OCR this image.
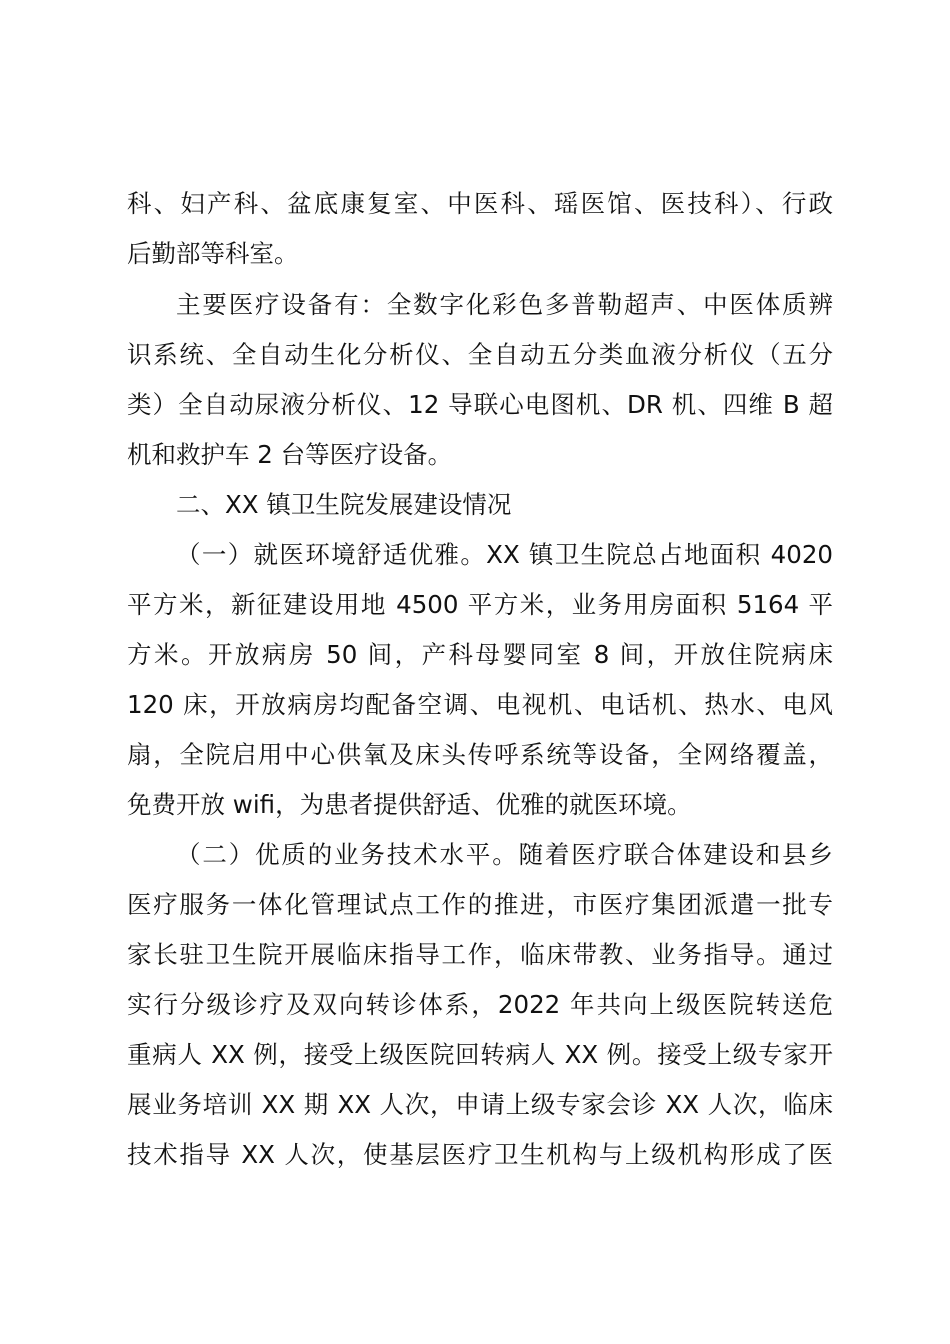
科、妇产科、盆底康复室、中医科、瑶医馆、医技科）、行政
后勤部等科室。
主要医疗设备有：全数字化彩色多普勒超声、中医体质辨
识系统、全自动生化分析仪、全自动五分类血液分析仪（五分
类）全自动尿液分析仪、12 导联心电图机、DR 机、四维 B 超
机和救护车 2 台等医疗设备。
二、XX 镇卫生院发展建设情况
（一）就医环境舒适优雅。XX 镇卫生院总占地面积 4020
平方米，新征建设用地 4500 平方米，业务用房面积 5164 平
方米。开放病房 50 间，产科母婴同室 8 间，开放住院病床
120 床，开放病房均配备空调、电视机、电话机、热水、电风
扇，全院启用中心供氧及床头传呼系统等设备，全网络覆盖，
免费开放 wifi，为患者提供舒适、优雅的就医环境。
（二）优质的业务技术水平。随着医疗联合体建设和县乡
医疗服务一体化管理试点工作的推进，市医疗集团派遣一批专
家长驻卫生院开展临床指导工作，临床带教、业务指导。通过
实行分级诊疗及双向转诊体系，2022 年共向上级医院转送危
重病人 XX 例，接受上级医院回转病人 XX 例。接受上级专家开
展业务培训 XX 期 XX 人次，申请上级专家会诊 XX 人次，临床
技术指导 XX 人次，使基层医疗卫生机构与上级机构形成了医
